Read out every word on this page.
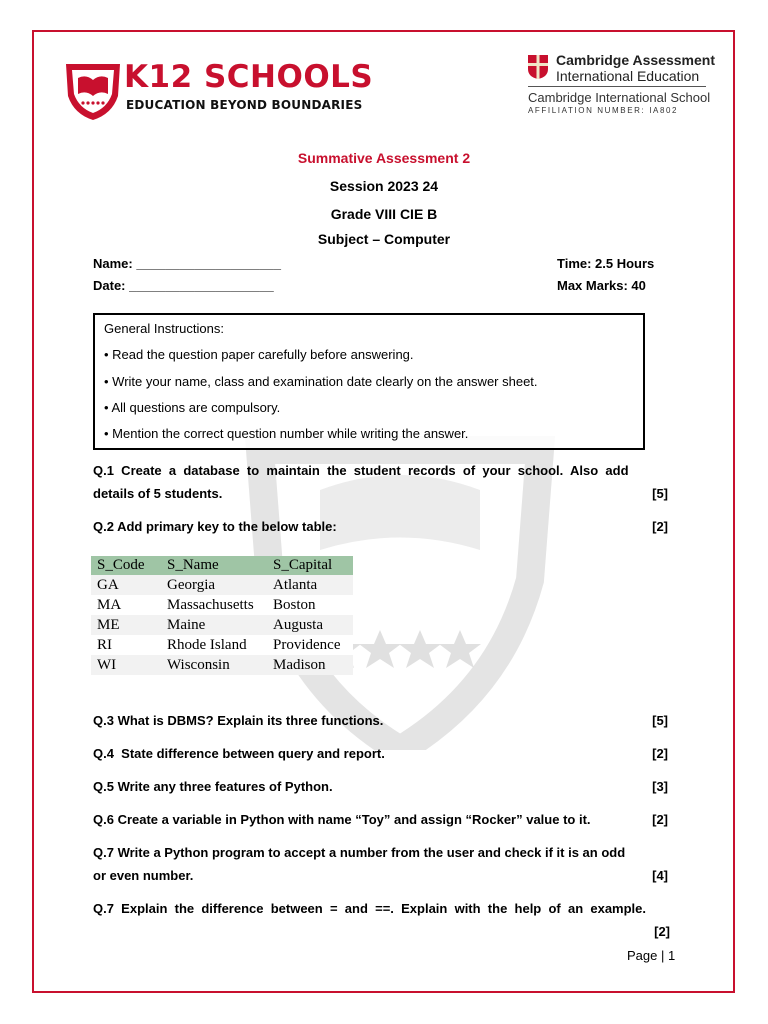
K12 SCHOOLS
EDUCATION BEYOND BOUNDARIES
Cambridge Assessment
International Education
Cambridge International School
AFFILIATION NUMBER: IA802
Summative Assessment 2
Session 2023 24
Grade VIII CIE B
Subject – Computer
Name: ____________________
Date: ____________________
Time: 2.5 Hours
Max Marks: 40
General Instructions:
• Read the question paper carefully before answering.
• Write your name, class and examination date clearly on the answer sheet.
• All questions are compulsory.
• Mention the correct question number while writing the answer.
Q.1  Create  a  database  to  maintain  the  student  records  of  your  school.  Also  add
details of 5 students.	[5]
Q.2 Add primary key to the below table:	[2]
S_Code	S_Name	S_Capital
GA	Georgia	Atlanta
MA	Massachusetts	Boston
ME	Maine	Augusta
RI	Rhode Island	Providence
WI	Wisconsin	Madison
Q.3 What is DBMS? Explain its three functions.	[5]
Q.4  State difference between query and report.	[2]
Q.5 Write any three features of Python.	[3]
Q.6 Create a variable in Python with name “Toy” and assign “Rocker” value to it.	[2]
Q.7 Write a Python program to accept a number from the user and check if it is an odd
or even number.	[4]
Q.7  Explain  the  difference  between  =  and  ==.  Explain  with  the  help  of  an  example.
[2]
Page | 1
